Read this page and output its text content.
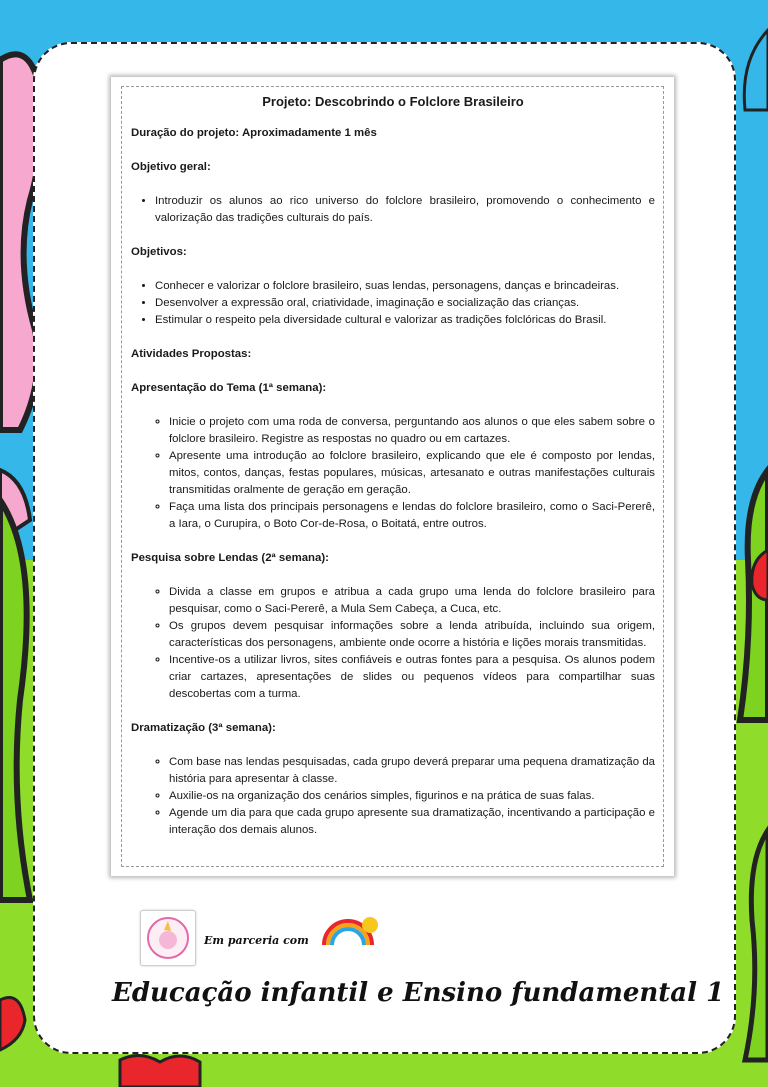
Projeto: Descobrindo o Folclore Brasileiro

Duração do projeto: Aproximadamente 1 mês

Objetivo geral:

• Introduzir os alunos ao rico universo do folclore brasileiro, promovendo o conhecimento e valorização das tradições culturais do país.

Objetivos:

• Conhecer e valorizar o folclore brasileiro, suas lendas, personagens, danças e brincadeiras.
• Desenvolver a expressão oral, criatividade, imaginação e socialização das crianças.
• Estimular o respeito pela diversidade cultural e valorizar as tradições folclóricas do Brasil.

Atividades Propostas:

Apresentação do Tema (1ª semana):

◦ Inicie o projeto com uma roda de conversa, perguntando aos alunos o que eles sabem sobre o folclore brasileiro. Registre as respostas no quadro ou em cartazes.
◦ Apresente uma introdução ao folclore brasileiro, explicando que ele é composto por lendas, mitos, contos, danças, festas populares, músicas, artesanato e outras manifestações culturais transmitidas oralmente de geração em geração.
◦ Faça uma lista dos principais personagens e lendas do folclore brasileiro, como o Saci-Pererê, a Iara, o Curupira, o Boto Cor-de-Rosa, o Boitatá, entre outros.

Pesquisa sobre Lendas (2ª semana):

◦ Divida a classe em grupos e atribua a cada grupo uma lenda do folclore brasileiro para pesquisar, como o Saci-Pererê, a Mula Sem Cabeça, a Cuca, etc.
◦ Os grupos devem pesquisar informações sobre a lenda atribuída, incluindo sua origem, características dos personagens, ambiente onde ocorre a história e lições morais transmitidas.
◦ Incentive-os a utilizar livros, sites confiáveis e outras fontes para a pesquisa. Os alunos podem criar cartazes, apresentações de slides ou pequenos vídeos para compartilhar suas descobertas com a turma.

Dramatização (3ª semana):

◦ Com base nas lendas pesquisadas, cada grupo deverá preparar uma pequena dramatização da história para apresentar à classe.
◦ Auxilie-os na organização dos cenários simples, figurinos e na prática de suas falas.
◦ Agende um dia para que cada grupo apresente sua dramatização, incentivando a participação e interação dos demais alunos.
Em parceria com
Educação infantil e Ensino fundamental 1
